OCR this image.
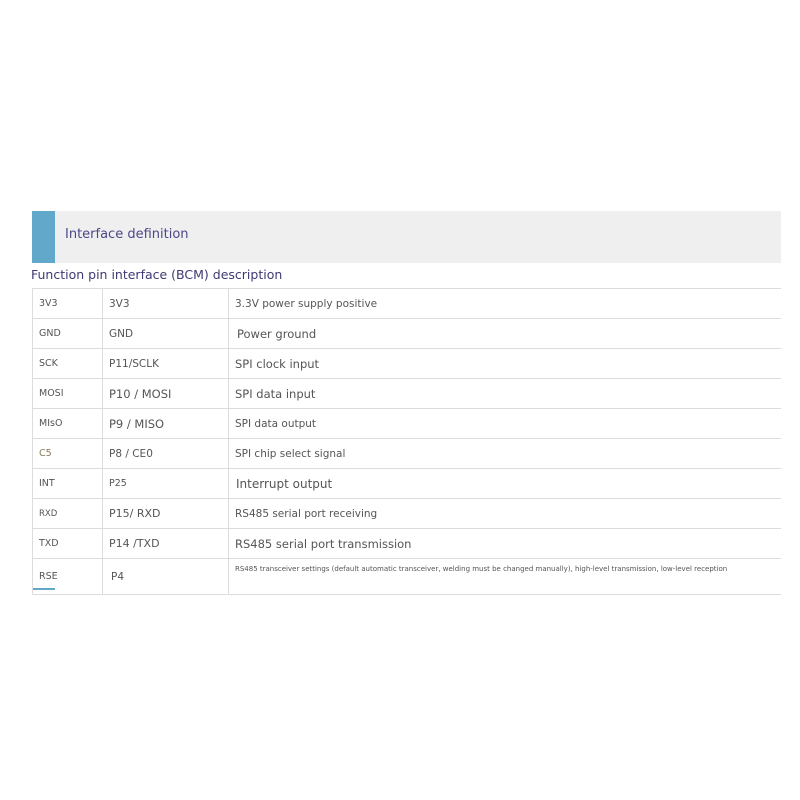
Interface definition
Function pin interface (BCM) description
3V3	3V3	3.3V power supply positive
GND	GND	Power ground
SCK	P11/SCLK	SPI clock input
MOSI	P10 / MOSI	SPI data input
MIsO	P9 / MISO	SPI data output
C5	P8 / CE0	SPI chip select signal
INT	P25	Interrupt output
RXD	P15/ RXD	RS485 serial port receiving
TXD	P14 /TXD	RS485 serial port transmission
RSE	P4	RS485 transceiver settings (default automatic transceiver, welding must be changed manually), high-level transmission, low-level reception
